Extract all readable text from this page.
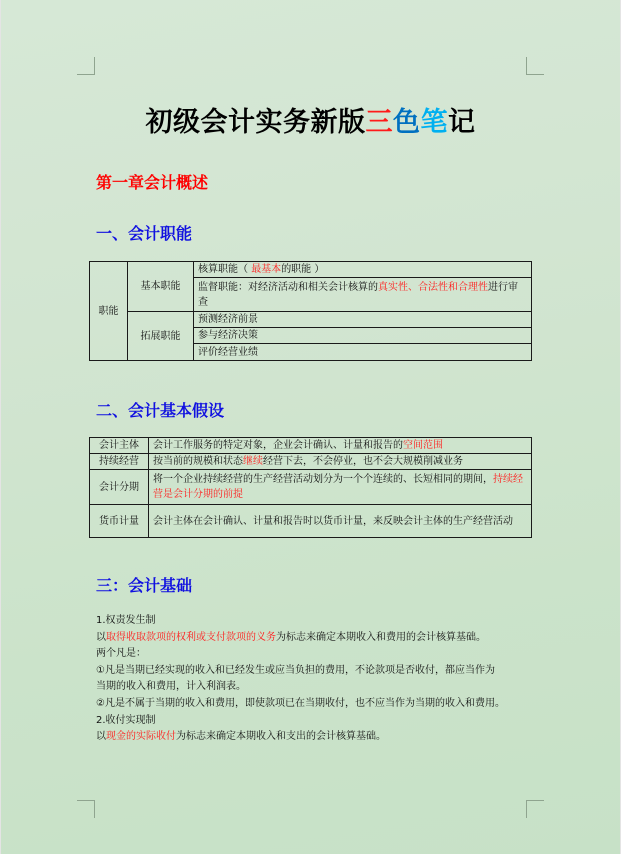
初级会计实务新版三色笔记
第一章会计概述
一、会计职能
职能	基本职能	核算职能（ 最基本的职能 ）
		监督职能：对经济活动和相关会计核算的真实性、合法性和合理性进行审查

	拓展职能	预测经济前景
		参与经济决策
		评价经营业绩
二、会计基本假设
会计主体	会计工作服务的特定对象，企业会计确认、计量和报告的空间范围
持续经营	按当前的规模和状态继续经营下去，不会停业，也不会大规模削减业务
会计分期	将一个企业持续经营的生产经营活动划分为一个个连续的、长短相同的期间，持续经营是会计分期的前提
货币计量	会计主体在会计确认、计量和报告时以货币计量，来反映会计主体的生产经营活动
三：会计基础
1.权责发生制
以取得收取款项的权利或支付款项的义务为标志来确定本期收入和费用的会计核算基础。
两个凡是：
①凡是当期已经实现的收入和已经发生或应当负担的费用，不论款项是否收付，都应当作为
当期的收入和费用，计入利润表。
②凡是不属于当期的收入和费用，即使款项已在当期收付，也不应当作为当期的收入和费用。
2.收付实现制
以现金的实际收付为标志来确定本期收入和支出的会计核算基础。
